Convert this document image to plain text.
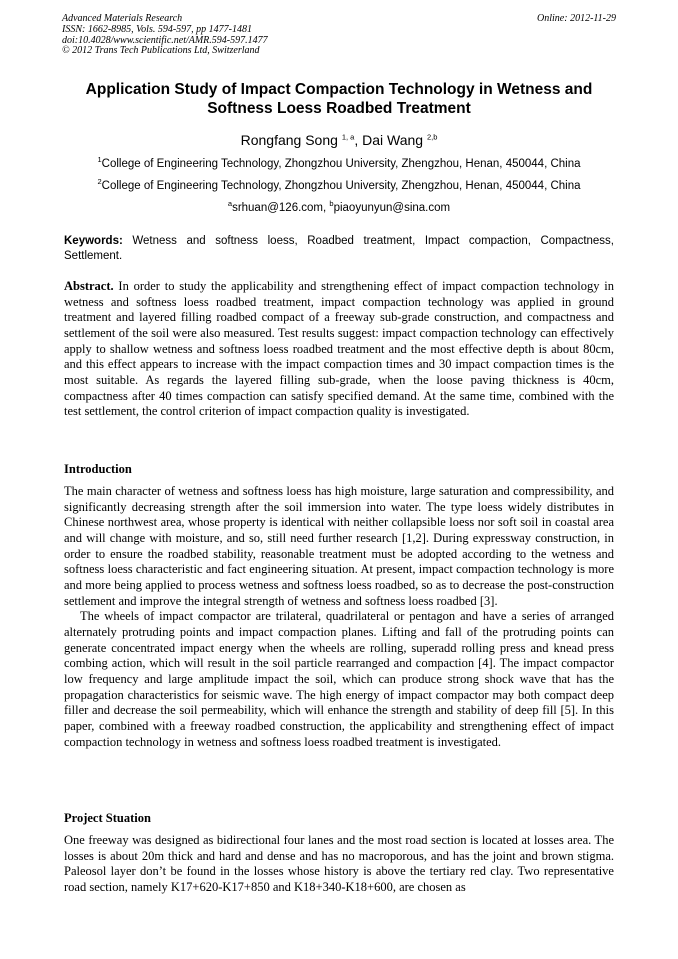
Advanced Materials Research
ISSN: 1662-8985, Vols. 594-597, pp 1477-1481
doi:10.4028/www.scientific.net/AMR.594-597.1477
© 2012 Trans Tech Publications Ltd, Switzerland
Online: 2012-11-29
Application Study of Impact Compaction Technology in Wetness and
Softness Loess Roadbed Treatment
Rongfang Song $^{1, a}$, Dai Wang $^{2,b}$
$^1$College of Engineering Technology, Zhongzhou University, Zhengzhou, Henan, 450044, China
$^2$College of Engineering Technology, Zhongzhou University, Zhengzhou, Henan, 450044, China
$^a$srhuan@126.com, $^b$piaoyunyun@sina.com
Keywords: Wetness and softness loess, Roadbed treatment, Impact compaction, Compactness, Settlement.

Abstract. In order to study the applicability and strengthening effect of impact compaction technology in wetness and softness loess roadbed treatment, impact compaction technology was applied in ground treatment and layered filling roadbed compact of a freeway sub-grade construction, and compactness and settlement of the soil were also measured. Test results suggest: impact compaction technology can effectively apply to shallow wetness and softness loess roadbed treatment and the most effective depth is about 80cm, and this effect appears to increase with the impact compaction times and 30 impact compaction times is the most suitable. As regards the layered filling sub-grade, when the loose paving thickness is 40cm, compactness after 40 times compaction can satisfy specified demand. At the same time, combined with the test settlement, the control criterion of impact compaction quality is investigated.

Introduction

The main character of wetness and softness loess has high moisture, large saturation and compressibility, and significantly decreasing strength after the soil immersion into water. The type loess widely distributes in Chinese northwest area, whose property is identical with neither collapsible loess nor soft soil in coastal area and will change with moisture, and so, still need further research [1,2]. During expressway construction, in order to ensure the roadbed stability, reasonable treatment must be adopted according to the wetness and softness loess characteristic and fact engineering situation. At present, impact compaction technology is more and more being applied to process wetness and softness loess roadbed, so as to decrease the post-construction settlement and improve the integral strength of wetness and softness loess roadbed [3].

The wheels of impact compactor are trilateral, quadrilateral or pentagon and have a series of arranged alternately protruding points and impact compaction planes. Lifting and fall of the protruding points can generate concentrated impact energy when the wheels are rolling, superadd rolling press and knead press combing action, which will result in the soil particle rearranged and compaction [4]. The impact compactor low frequency and large amplitude impact the soil, which can produce strong shock wave that has the propagation characteristics for seismic wave. The high energy of impact compactor may both compact deep filler and decrease the soil permeability, which will enhance the strength and stability of deep fill [5]. In this paper, combined with a freeway roadbed construction, the applicability and strengthening effect of impact compaction technology in wetness and softness loess roadbed treatment is investigated.

Project Stuation

One freeway was designed as bidirectional four lanes and the most road section is located at losses area. The losses is about 20m thick and hard and dense and has no macroporous, and has the joint and brown stigma. Paleosol layer don’t be found in the losses whose history is above the tertiary red clay. Two representative road section, namely K17+620-K17+850 and K18+340-K18+600, are chosen as
